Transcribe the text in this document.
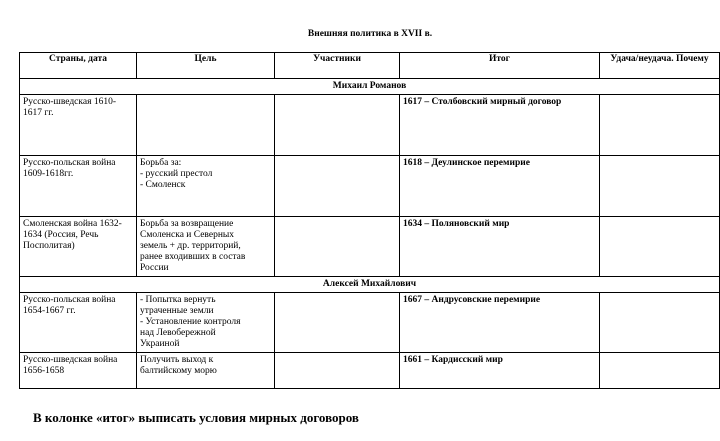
Внешняя политика в XVII в.
Страны, дата	Цель	Участники	Итог	Удача/неудача. Почему
Михаил Романов				
Русско-шведская 1610-1617 гг.			1617 – Столбовский мирный договор	
Русско-польская война 1609-1618гг.	Борьба за:
- русский престол
- Смоленск		1618 – Деулинское перемирие	
Смоленская война 1632-1634 (Россия, Речь Посполитая)	Борьба за возвращение
Смоленска и Северных
земель + др. территорий,
ранее входивших в состав
России		1634 – Поляновский мир	
Алексей Михайлович				
Русско-польская война 1654-1667 гг.	- Попытка вернуть
утраченные земли
- Установление контроля
над Левобережной
Украиной		1667 – Андрусовские перемирие	
Русско-шведская война 1656-1658	Получить выход к
балтийскому морю		1661 – Кардисский мир	
В колонке «итог» выписать условия мирных договоров
